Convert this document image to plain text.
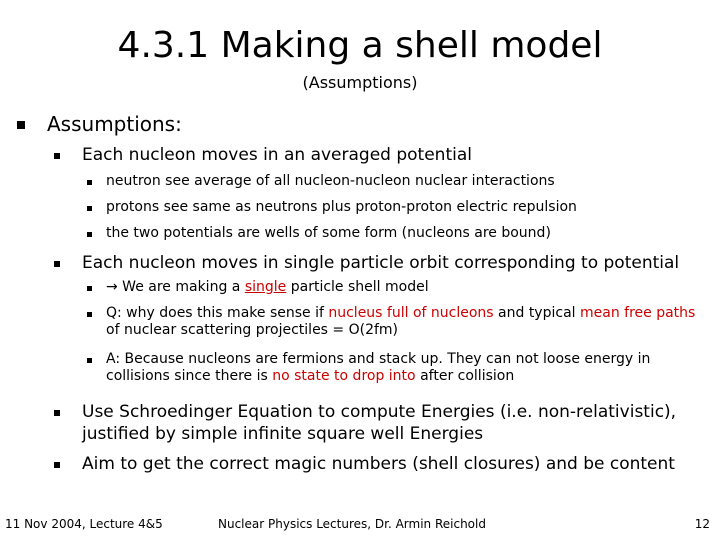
4.3.1 Making a shell model
(Assumptions)
Assumptions:
Each nucleon moves in an averaged potential
neutron see average of all nucleon-nucleon nuclear interactions
protons see same as neutrons plus proton-proton electric repulsion
the two potentials are wells of some form (nucleons are bound)
Each nucleon moves in single particle orbit corresponding to potential
→ We are making a single particle shell model
Q: why does this make sense if nucleus full of nucleons and typical mean free paths of nuclear scattering projectiles = O(2fm)
A: Because nucleons are fermions and stack up. They can not loose energy in collisions since there is no state to drop into after collision
Use Schroedinger Equation to compute Energies (i.e. non-relativistic), justified by simple infinite square well Energies
Aim to get the correct magic numbers (shell closures) and be content
11 Nov 2004, Lecture 4&5	Nuclear Physics Lectures, Dr. Armin Reichold	12
